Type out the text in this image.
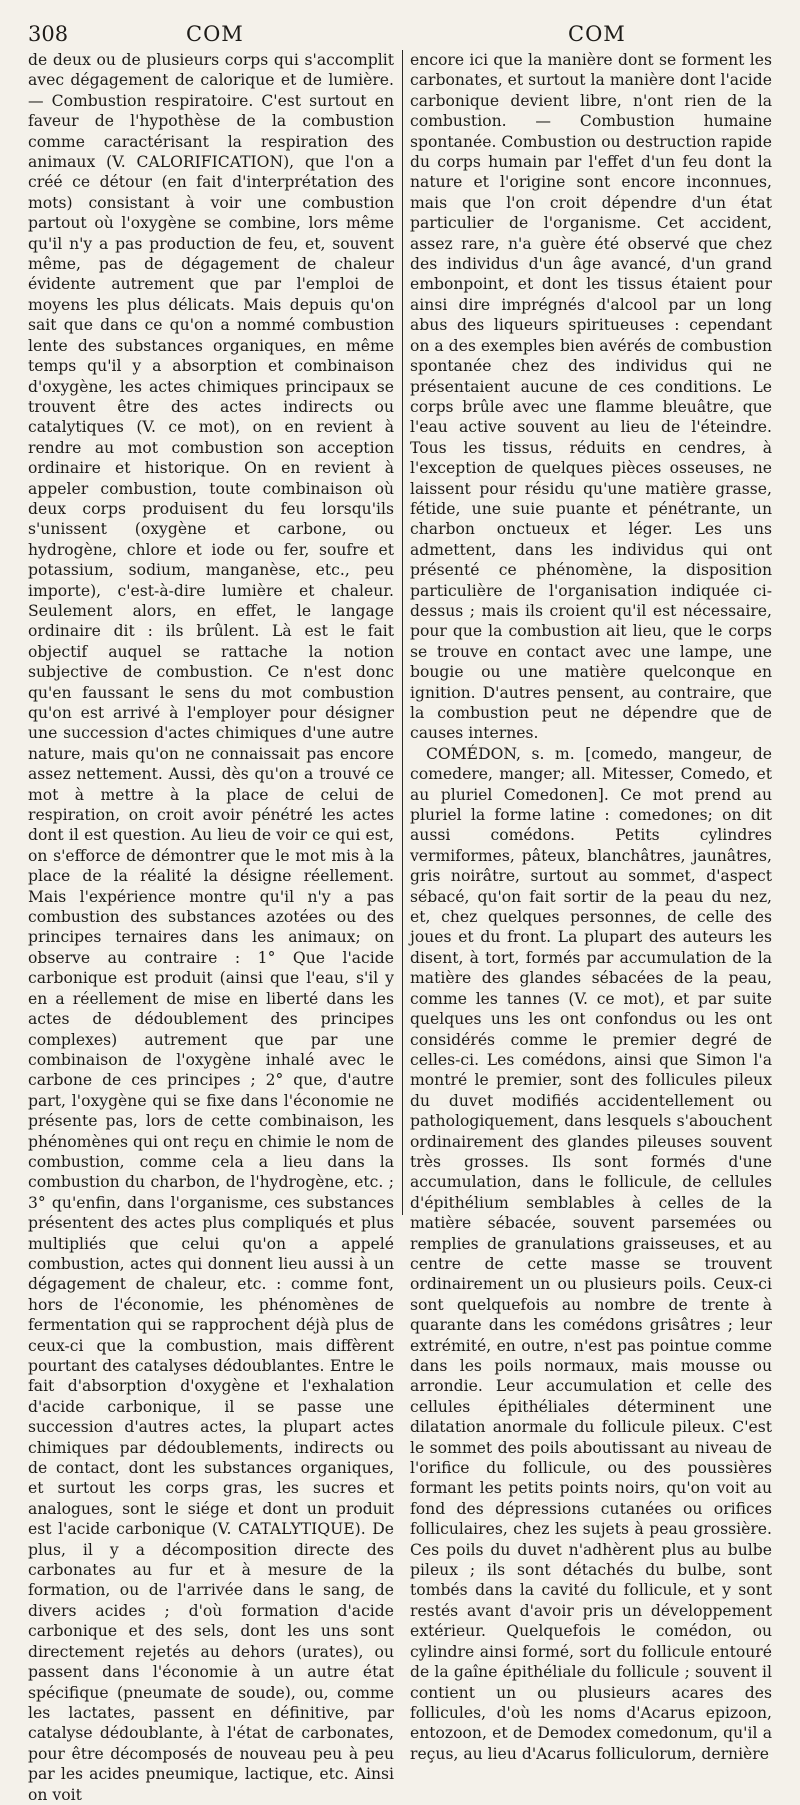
308	COM	COM

de deux ou de plusieurs corps qui s'accomplit avec dégagement de calorique et de lumière. — Combustion respiratoire. C'est surtout en faveur de l'hypothèse de la combustion comme caractérisant la respiration des animaux (V. CALORIFICATION), que l'on a créé ce détour (en fait d'interprétation des mots) consistant à voir une combustion partout où l'oxygène se combine, lors même qu'il n'y a pas production de feu, et, souvent même, pas de dégagement de chaleur évidente autrement que par l'emploi de moyens les plus délicats. Mais depuis qu'on sait que dans ce qu'on a nommé combustion lente des substances organiques, en même temps qu'il y a absorption et combinaison d'oxygène, les actes chimiques principaux se trouvent être des actes indirects ou catalytiques (V. ce mot), on en revient à rendre au mot combustion son acception ordinaire et historique. On en revient à appeler combustion, toute combinaison où deux corps produisent du feu lorsqu'ils s'unissent (oxygène et carbone, ou hydrogène, chlore et iode ou fer, soufre et potassium, sodium, manganèse, etc., peu importe), c'est-à-dire lumière et chaleur. Seulement alors, en effet, le langage ordinaire dit : ils brûlent. Là est le fait objectif auquel se rattache la notion subjective de combustion. Ce n'est donc qu'en faussant le sens du mot combustion qu'on est arrivé à l'employer pour désigner une succession d'actes chimiques d'une autre nature, mais qu'on ne connaissait pas encore assez nettement. Aussi, dès qu'on a trouvé ce mot à mettre à la place de celui de respiration, on croit avoir pénétré les actes dont il est question. Au lieu de voir ce qui est, on s'efforce de démontrer que le mot mis à la place de la réalité la désigne réellement. Mais l'expérience montre qu'il n'y a pas combustion des substances azotées ou des principes ternaires dans les animaux; on observe au contraire : 1° Que l'acide carbonique est produit (ainsi que l'eau, s'il y en a réellement de mise en liberté dans les actes de dédoublement des principes complexes) autrement que par une combinaison de l'oxygène inhalé avec le carbone de ces principes ; 2° que, d'autre part, l'oxygène qui se fixe dans l'économie ne présente pas, lors de cette combinaison, les phénomènes qui ont reçu en chimie le nom de combustion, comme cela a lieu dans la combustion du charbon, de l'hydrogène, etc. ; 3° qu'enfin, dans l'organisme, ces substances présentent des actes plus compliqués et plus multipliés que celui qu'on a appelé combustion, actes qui donnent lieu aussi à un dégagement de chaleur, etc. : comme font, hors de l'économie, les phénomènes de fermentation qui se rapprochent déjà plus de ceux-ci que la combustion, mais diffèrent pourtant des catalyses dédoublantes. Entre le fait d'absorption d'oxygène et l'exhalation d'acide carbonique, il se passe une succession d'autres actes, la plupart actes chimiques par dédoublements, indirects ou de contact, dont les substances organiques, et surtout les corps gras, les sucres et analogues, sont le siége et dont un produit est l'acide carbonique (V. CATALYTIQUE). De plus, il y a décomposition directe des carbonates au fur et à mesure de la formation, ou de l'arrivée dans le sang, de divers acides ; d'où formation d'acide carbonique et des sels, dont les uns sont directement rejetés au dehors (urates), ou passent dans l'économie à un autre état spécifique (pneumate de soude), ou, comme les lactates, passent en définitive, par catalyse dédoublante, à l'état de carbonates, pour être décomposés de nouveau peu à peu par les acides pneumique, lactique, etc. Ainsi on voit

encore ici que la manière dont se forment les carbonates, et surtout la manière dont l'acide carbonique devient libre, n'ont rien de la combustion. — Combustion humaine spontanée. Combustion ou destruction rapide du corps humain par l'effet d'un feu dont la nature et l'origine sont encore inconnues, mais que l'on croit dépendre d'un état particulier de l'organisme. Cet accident, assez rare, n'a guère été observé que chez des individus d'un âge avancé, d'un grand embonpoint, et dont les tissus étaient pour ainsi dire imprégnés d'alcool par un long abus des liqueurs spiritueuses : cependant on a des exemples bien avérés de combustion spontanée chez des individus qui ne présentaient aucune de ces conditions. Le corps brûle avec une flamme bleuâtre, que l'eau active souvent au lieu de l'éteindre. Tous les tissus, réduits en cendres, à l'exception de quelques pièces osseuses, ne laissent pour résidu qu'une matière grasse, fétide, une suie puante et pénétrante, un charbon onctueux et léger. Les uns admettent, dans les individus qui ont présenté ce phénomène, la disposition particulière de l'organisation indiquée ci-dessus ; mais ils croient qu'il est nécessaire, pour que la combustion ait lieu, que le corps se trouve en contact avec une lampe, une bougie ou une matière quelconque en ignition. D'autres pensent, au contraire, que la combustion peut ne dépendre que de causes internes.

COMÉDON, s. m. [comedo, mangeur, de comedere, manger; all. Mitesser, Comedo, et au pluriel Comedonen]. Ce mot prend au pluriel la forme latine : comedones; on dit aussi comédons. Petits cylindres vermiformes, pâteux, blanchâtres, jaunâtres, gris noirâtre, surtout au sommet, d'aspect sébacé, qu'on fait sortir de la peau du nez, et, chez quelques personnes, de celle des joues et du front. La plupart des auteurs les disent, à tort, formés par accumulation de la matière des glandes sébacées de la peau, comme les tannes (V. ce mot), et par suite quelques uns les ont confondus ou les ont considérés comme le premier degré de celles-ci. Les comédons, ainsi que Simon l'a montré le premier, sont des follicules pileux du duvet modifiés accidentellement ou pathologiquement, dans lesquels s'abouchent ordinairement des glandes pileuses souvent très grosses. Ils sont formés d'une accumulation, dans le follicule, de cellules d'épithélium semblables à celles de la matière sébacée, souvent parsemées ou remplies de granulations graisseuses, et au centre de cette masse se trouvent ordinairement un ou plusieurs poils. Ceux-ci sont quelquefois au nombre de trente à quarante dans les comédons grisâtres ; leur extrémité, en outre, n'est pas pointue comme dans les poils normaux, mais mousse ou arrondie. Leur accumulation et celle des cellules épithéliales déterminent une dilatation anormale du follicule pileux. C'est le sommet des poils aboutissant au niveau de l'orifice du follicule, ou des poussières formant les petits points noirs, qu'on voit au fond des dépressions cutanées ou orifices folliculaires, chez les sujets à peau grossière. Ces poils du duvet n'adhèrent plus au bulbe pileux ; ils sont détachés du bulbe, sont tombés dans la cavité du follicule, et y sont restés avant d'avoir pris un développement extérieur. Quelquefois le comédon, ou cylindre ainsi formé, sort du follicule entouré de la gaîne épithéliale du follicule ; souvent il contient un ou plusieurs acares des follicules, d'où les noms d'Acarus epizoon, entozoon, et de Demodex comedonum, qu'il a reçus, au lieu d'Acarus folliculorum, dernière
